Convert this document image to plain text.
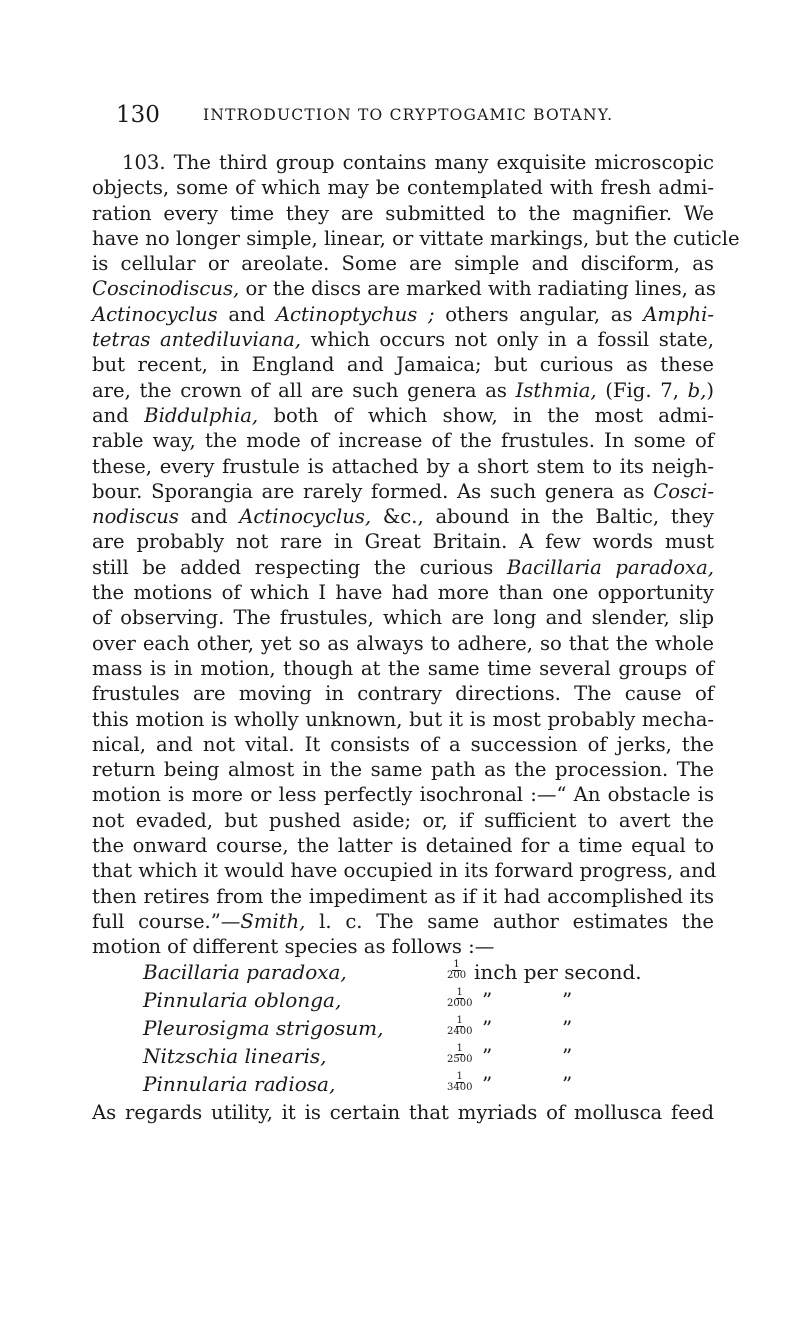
130	INTRODUCTION TO CRYPTOGAMIC BOTANY.
103. The third group contains many exquisite microscopic
objects, some of which may be contemplated with fresh admi-
ration every time they are submitted to the magnifier. We
have no longer simple, linear, or vittate markings, but the cuticle
is cellular or areolate. Some are simple and disciform, as
Coscinodiscus, or the discs are marked with radiating lines, as
Actinocyclus and Actinoptychus ; others angular, as Amphi-
tetras antediluviana, which occurs not only in a fossil state,
but recent, in England and Jamaica; but curious as these
are, the crown of all are such genera as Isthmia, (Fig. 7, b,)
and Biddulphia, both of which show, in the most admi-
rable way, the mode of increase of the frustules. In some of
these, every frustule is attached by a short stem to its neigh-
bour. Sporangia are rarely formed. As such genera as Cosci-
nodiscus and Actinocyclus, &c., abound in the Baltic, they
are probably not rare in Great Britain. A few words must
still be added respecting the curious Bacillaria paradoxa,
the motions of which I have had more than one opportunity
of observing. The frustules, which are long and slender, slip
over each other, yet so as always to adhere, so that the whole
mass is in motion, though at the same time several groups of
frustules are moving in contrary directions. The cause of
this motion is wholly unknown, but it is most probably mecha-
nical, and not vital. It consists of a succession of jerks, the
return being almost in the same path as the procession. The
motion is more or less perfectly isochronal :—“ An obstacle is
not evaded, but pushed aside; or, if sufficient to avert the
the onward course, the latter is detained for a time equal to
that which it would have occupied in its forward progress, and
then retires from the impediment as if it had accomplished its
full course.”—Smith, l. c. The same author estimates the
motion of different species as follows :—
Bacillaria paradoxa,	$\frac{1}{200}$ inch per second.
Pinnularia oblonga,	$\frac{1}{2000}$ ”	”
Pleurosigma strigosum,	$\frac{1}{2400}$ ”	”
Nitzschia linearis,	$\frac{1}{2500}$ ”	”
Pinnularia radiosa,	$\frac{1}{3400}$ ”	”
As regards utility, it is certain that myriads of mollusca feed
